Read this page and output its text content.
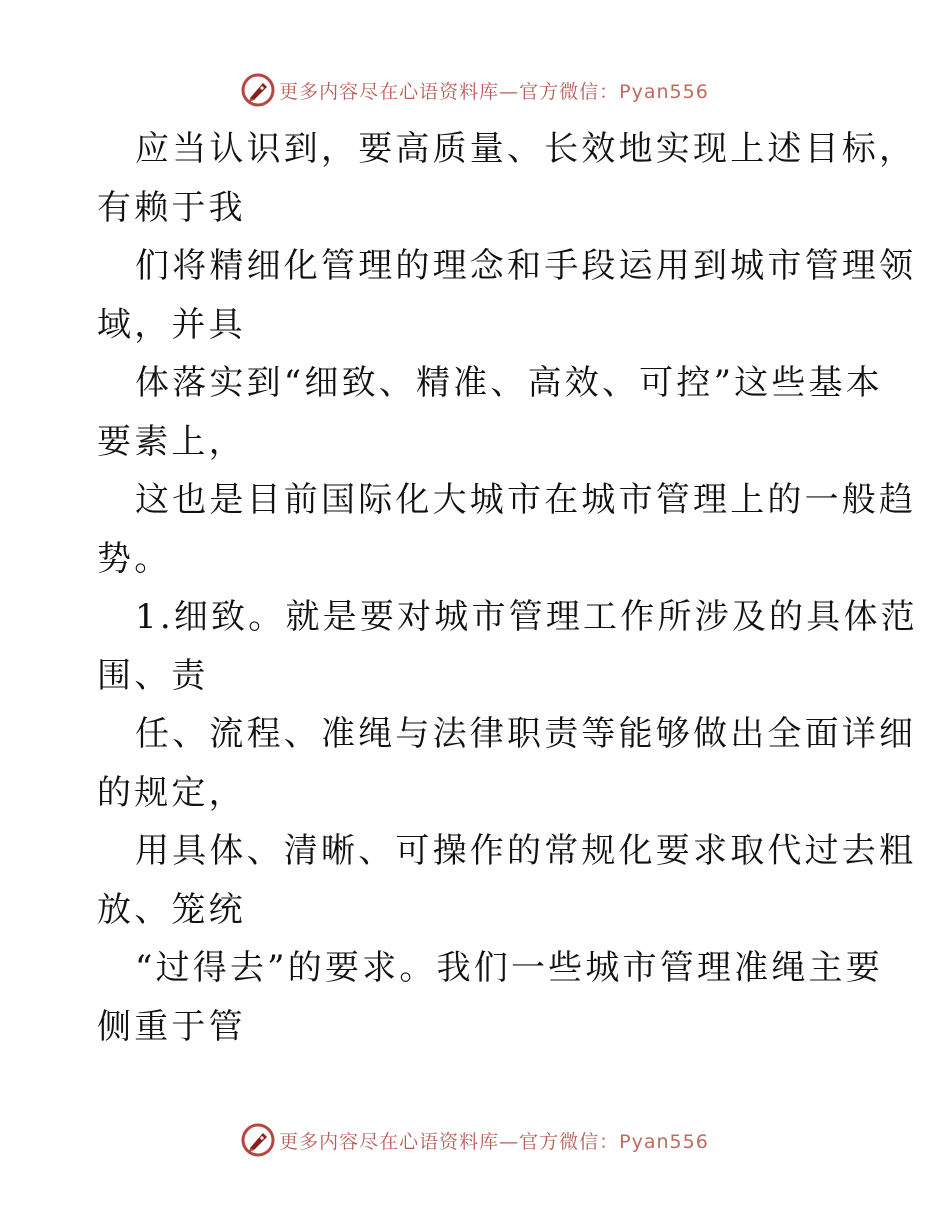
更多内容尽在心语资料库—官方微信：Pyan556
应当认识到，要高质量、长效地实现上述目标，
有赖于我
们将精细化管理的理念和手段运用到城市管理领
域，并具
体落实到“细致、精准、高效、可控”这些基本
要素上，
这也是目前国际化大城市在城市管理上的一般趋
势。
1.细致。就是要对城市管理工作所涉及的具体范
围、责
任、流程、准绳与法律职责等能够做出全面详细
的规定，
用具体、清晰、可操作的常规化要求取代过去粗
放、笼统
“过得去”的要求。我们一些城市管理准绳主要
侧重于管
更多内容尽在心语资料库—官方微信：Pyan556
